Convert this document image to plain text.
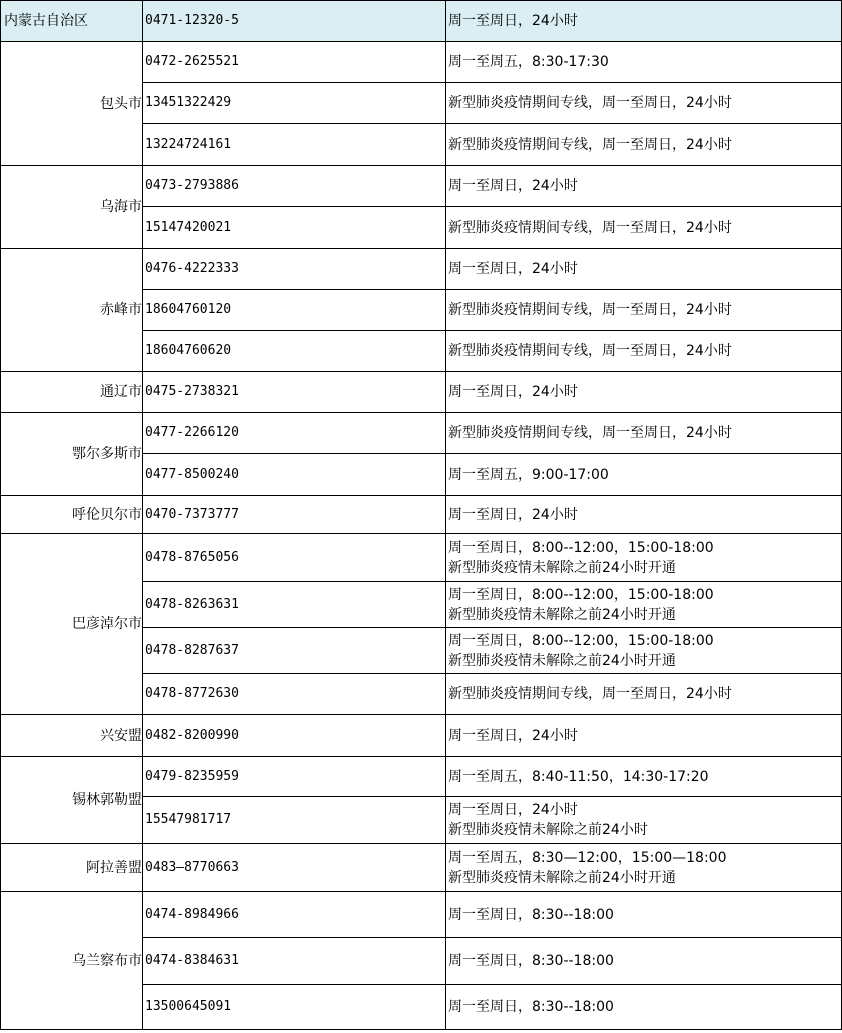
内蒙古自治区	0471-12320-5	周一至周日，24小时
包头市	0472-2625521	周一至周五，8:30-17:30

	13451322429	新型肺炎疫情期间专线，周一至周日，24小时

	13224724161	新型肺炎疫情期间专线，周一至周日，24小时

乌海市	0473-2793886	周一至周日，24小时

	15147420021	新型肺炎疫情期间专线，周一至周日，24小时

赤峰市	0476-4222333	周一至周日，24小时

	18604760120	新型肺炎疫情期间专线，周一至周日，24小时

	18604760620	新型肺炎疫情期间专线，周一至周日，24小时

通辽市	0475-2738321	周一至周日，24小时

鄂尔多斯市	0477-2266120	新型肺炎疫情期间专线，周一至周日，24小时

	0477-8500240	周一至周五，9:00-17:00

呼伦贝尔市	0470-7373777	周一至周日，24小时

巴彦淖尔市	0478-8765056	周一至周日，8:00--12:00，15:00-18:00
新型肺炎疫情未解除之前24小时开通

	0478-8263631	周一至周日，8:00--12:00，15:00-18:00
新型肺炎疫情未解除之前24小时开通

	0478-8287637	周一至周日，8:00--12:00，15:00-18:00
新型肺炎疫情未解除之前24小时开通

	0478-8772630	新型肺炎疫情期间专线，周一至周日，24小时

兴安盟	0482-8200990	周一至周日，24小时

锡林郭勒盟	0479-8235959	周一至周五，8:40-11:50，14:30-17:20

	15547981717	周一至周日，24小时
新型肺炎疫情未解除之前24小时

阿拉善盟	0483—8770663	周一至周五，8:30—12:00，15:00—18:00
新型肺炎疫情未解除之前24小时开通

乌兰察布市	0474-8984966	周一至周日，8:30--18:00

	0474-8384631	周一至周日，8:30--18:00

	13500645091	周一至周日，8:30--18:00
